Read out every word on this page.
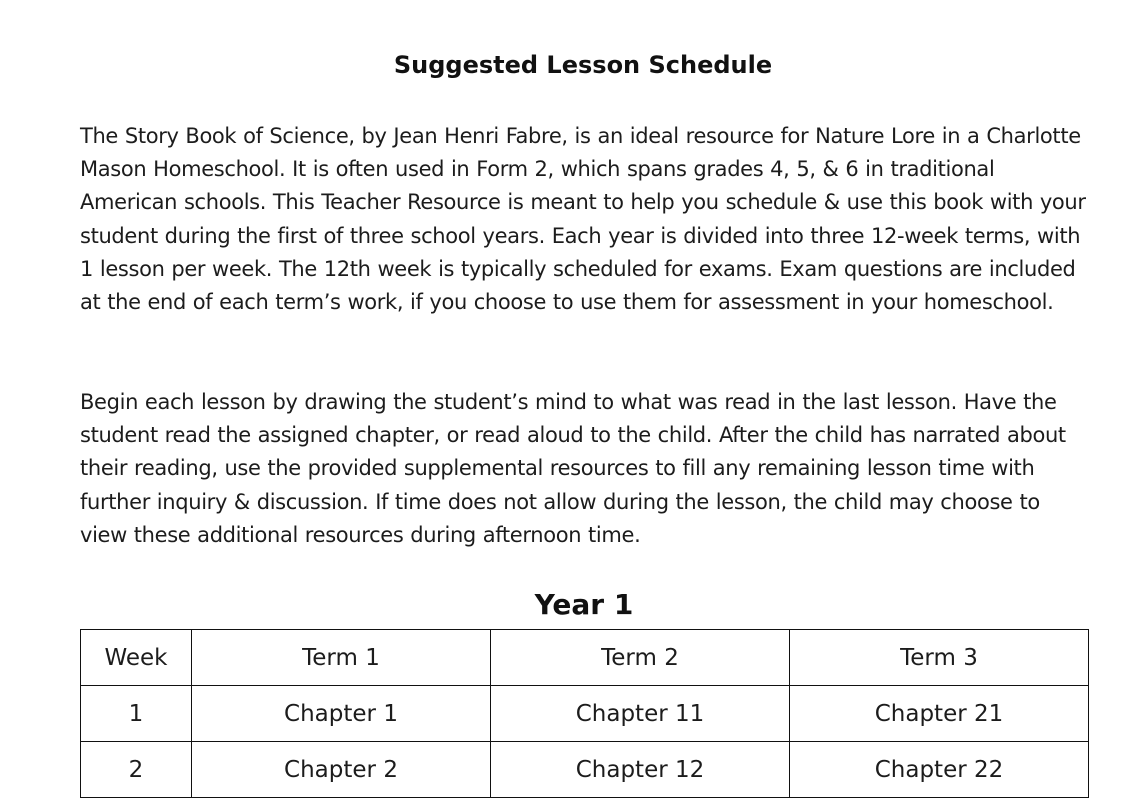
Suggested Lesson Schedule

The Story Book of Science, by Jean Henri Fabre, is an ideal resource for Nature Lore in a Charlotte Mason Homeschool. It is often used in Form 2, which spans grades 4, 5, & 6 in traditional American schools. This Teacher Resource is meant to help you schedule & use this book with your student during the first of three school years. Each year is divided into three 12-week terms, with 1 lesson per week. The 12th week is typically scheduled for exams. Exam questions are included at the end of each term’s work, if you choose to use them for assessment in your homeschool.

Begin each lesson by drawing the student’s mind to what was read in the last lesson. Have the student read the assigned chapter, or read aloud to the child. After the child has narrated about their reading, use the provided supplemental resources to fill any remaining lesson time with further inquiry & discussion. If time does not allow during the lesson, the child may choose to view these additional resources during afternoon time.

Year 1
Week	Term 1	Term 2	Term 3
1	Chapter 1	Chapter 11	Chapter 21
2	Chapter 2	Chapter 12	Chapter 22
